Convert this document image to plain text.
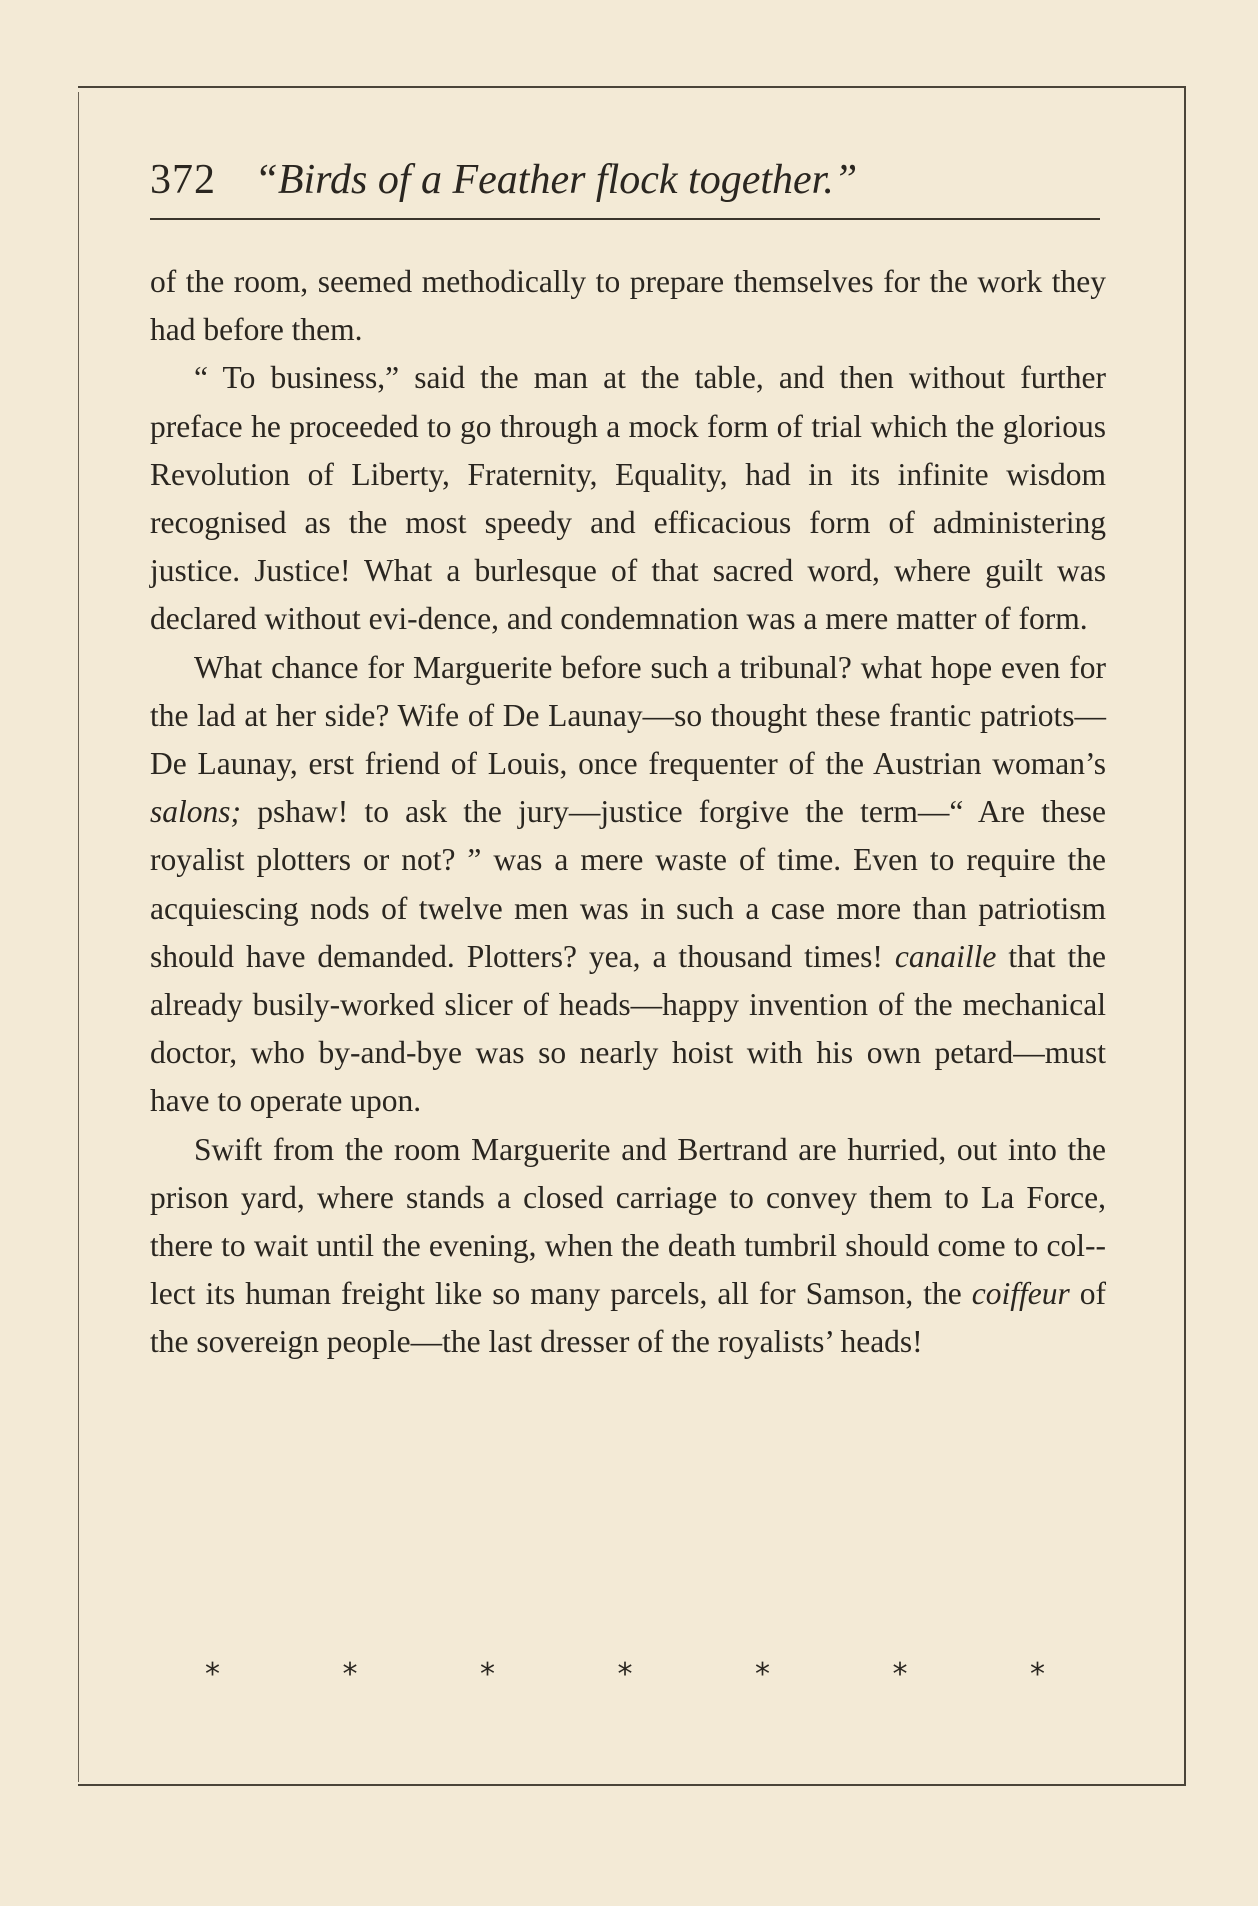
372 “Birds of a Feather flock together.”

of the room, seemed methodically to prepare themselves for the work they had before them.

“ To business,” said the man at the table, and then without further preface he proceeded to go through a mock form of trial which the glorious Revolution of Liberty, Fraternity, Equality, had in its infinite wisdom recognised as the most speedy and efficacious form of administering justice. Justice! What a burlesque of that sacred word, where guilt was declared without evi-dence, and condemnation was a mere matter of form.

What chance for Marguerite before such a tribunal? what hope even for the lad at her side? Wife of De Launay—so thought these frantic patriots—De Launay, erst friend of Louis, once frequenter of the Austrian woman’s salons; pshaw! to ask the jury—justice forgive the term—“ Are these royalist plotters or not? ” was a mere waste of time. Even to require the acquiescing nods of twelve men was in such a case more than patriotism should have demanded. Plotters? yea, a thousand times! canaille that the already busily-worked slicer of heads—happy invention of the mechanical doctor, who by-and-bye was so nearly hoist with his own petard—must have to operate upon.

Swift from the room Marguerite and Bertrand are hurried, out into the prison yard, where stands a closed carriage to convey them to La Force, there to wait until the evening, when the death tumbril should come to col-lect its human freight like so many parcels, all for Samson, the coiffeur of the sovereign people—the last dresser of the royalists’ heads!

*	*	*	*	*	*	*
